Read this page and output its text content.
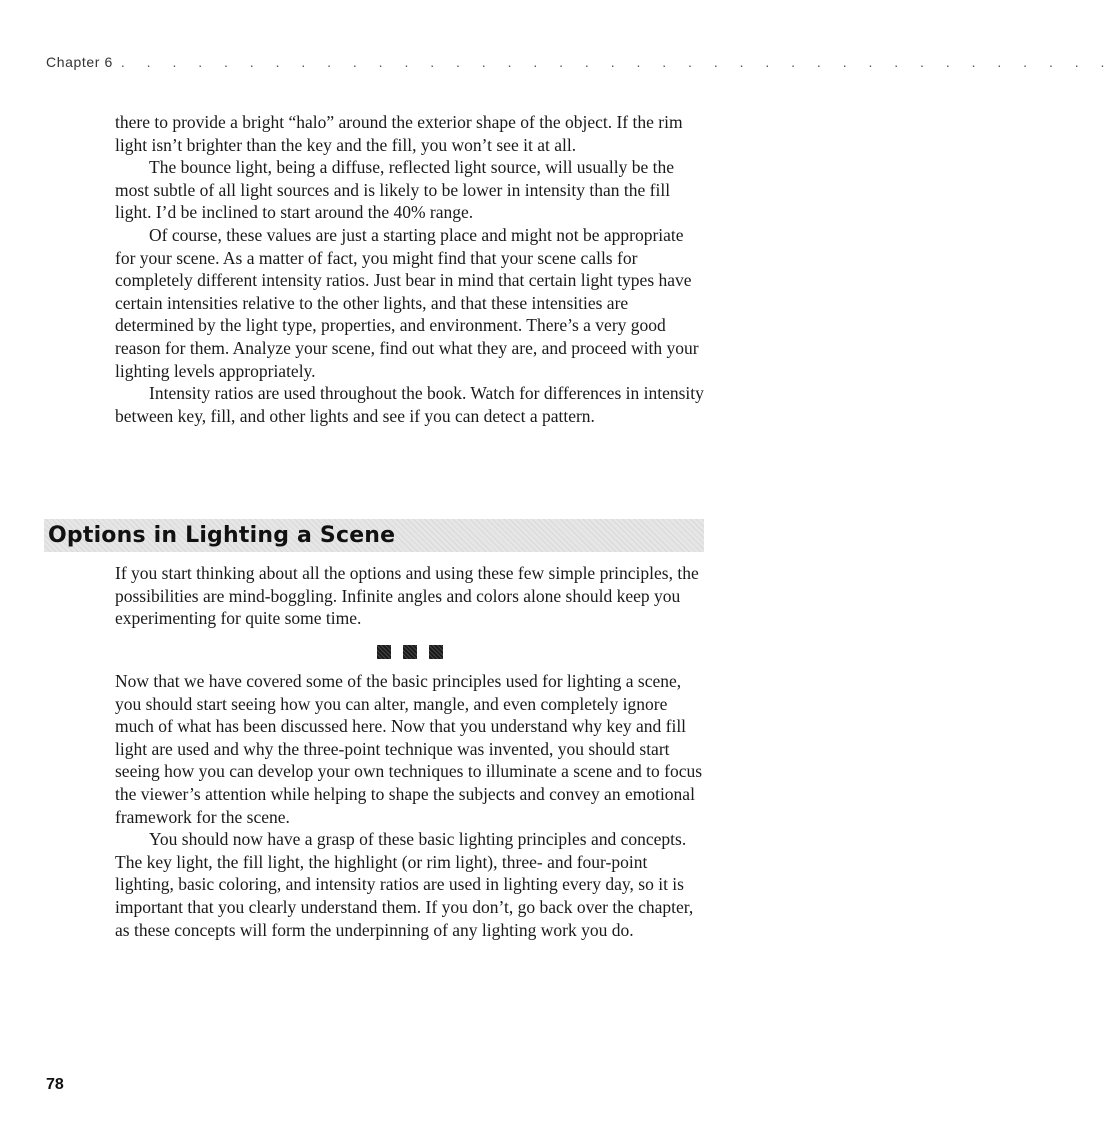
Chapter 6 . . . . . . . . . . . . . . . . . . . . . . . . . . . . . . . . . . . . . . .

there to provide a bright “halo” around the exterior shape of the object. If the rim light isn’t brighter than the key and the fill, you won’t see it at all.

The bounce light, being a diffuse, reflected light source, will usually be the most subtle of all light sources and is likely to be lower in intensity than the fill light. I’d be inclined to start around the 40% range.

Of course, these values are just a starting place and might not be appropriate for your scene. As a matter of fact, you might find that your scene calls for completely different intensity ratios. Just bear in mind that certain light types have certain intensities relative to the other lights, and that these intensities are determined by the light type, properties, and environment. There’s a very good reason for them. Analyze your scene, find out what they are, and proceed with your lighting levels appropriately.

Intensity ratios are used throughout the book. Watch for differences in intensity between key, fill, and other lights and see if you can detect a pattern.

Options in Lighting a Scene

If you start thinking about all the options and using these few simple principles, the possibilities are mind-boggling. Infinite angles and colors alone should keep you experimenting for quite some time.

Now that we have covered some of the basic principles used for lighting a scene, you should start seeing how you can alter, mangle, and even completely ignore much of what has been discussed here. Now that you understand why key and fill light are used and why the three-point technique was invented, you should start seeing how you can develop your own techniques to illuminate a scene and to focus the viewer’s attention while helping to shape the subjects and convey an emotional framework for the scene.

You should now have a grasp of these basic lighting principles and concepts. The key light, the fill light, the highlight (or rim light), three- and four-point lighting, basic coloring, and intensity ratios are used in lighting every day, so it is important that you clearly understand them. If you don’t, go back over the chapter, as these concepts will form the underpinning of any lighting work you do.

78
